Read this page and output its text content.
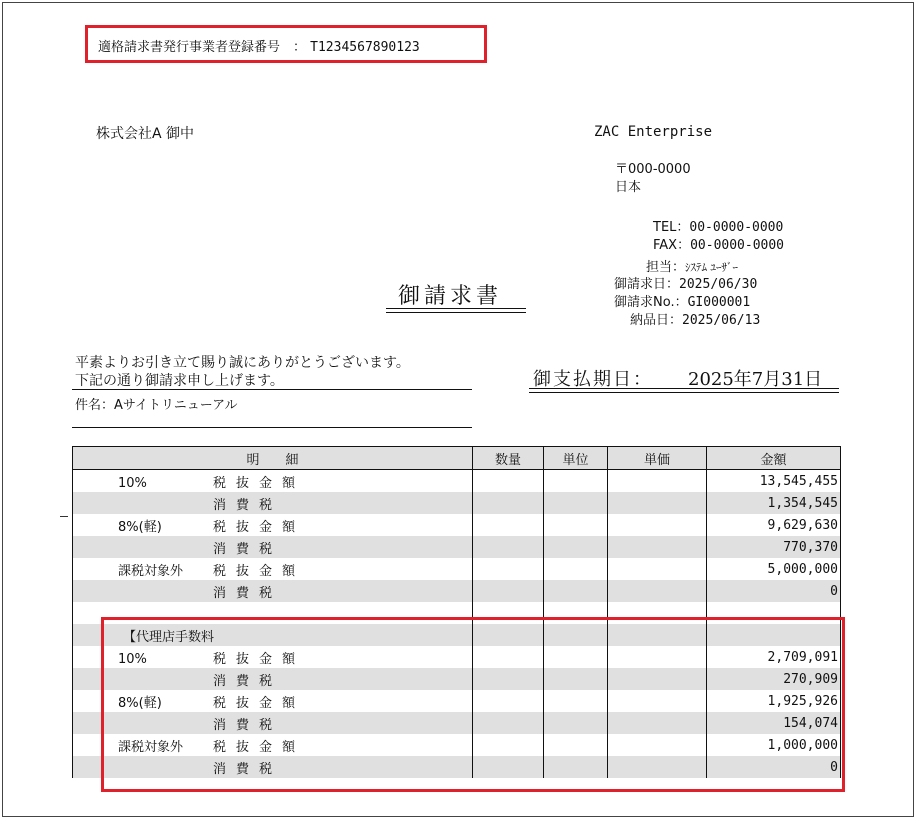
適格請求書発行事業者登録番号　： T1234567890123
株式会社A 御中	ZAC Enterprise
〒000-0000
日本
TEL：00-0000-0000
FAX：00-0000-0000
担当：ｼｽﾃﾑ ﾕｰｻﾞｰ
御請求日：2025/06/30
御請求No.：GI000001
納品日：2025/06/13
御請求書
平素よりお引き立て賜り誠にありがとうございます。
下記の通り御請求申し上げます。
件名：Aサイトリニューアル
御支払期日： 2025年7月31日
明　　細	数量	単位	単価	金額
10% 税抜金額				13,545,455
消費税				1,354,545
8%(軽) 税抜金額				9,629,630
消費税				770,370
課税対象外 税抜金額				5,000,000
消費税				0

【代理店手数料				
10% 税抜金額				2,709,091
消費税				270,909
8%(軽) 税抜金額				1,925,926
消費税				154,074
課税対象外 税抜金額				1,000,000
消費税				0
